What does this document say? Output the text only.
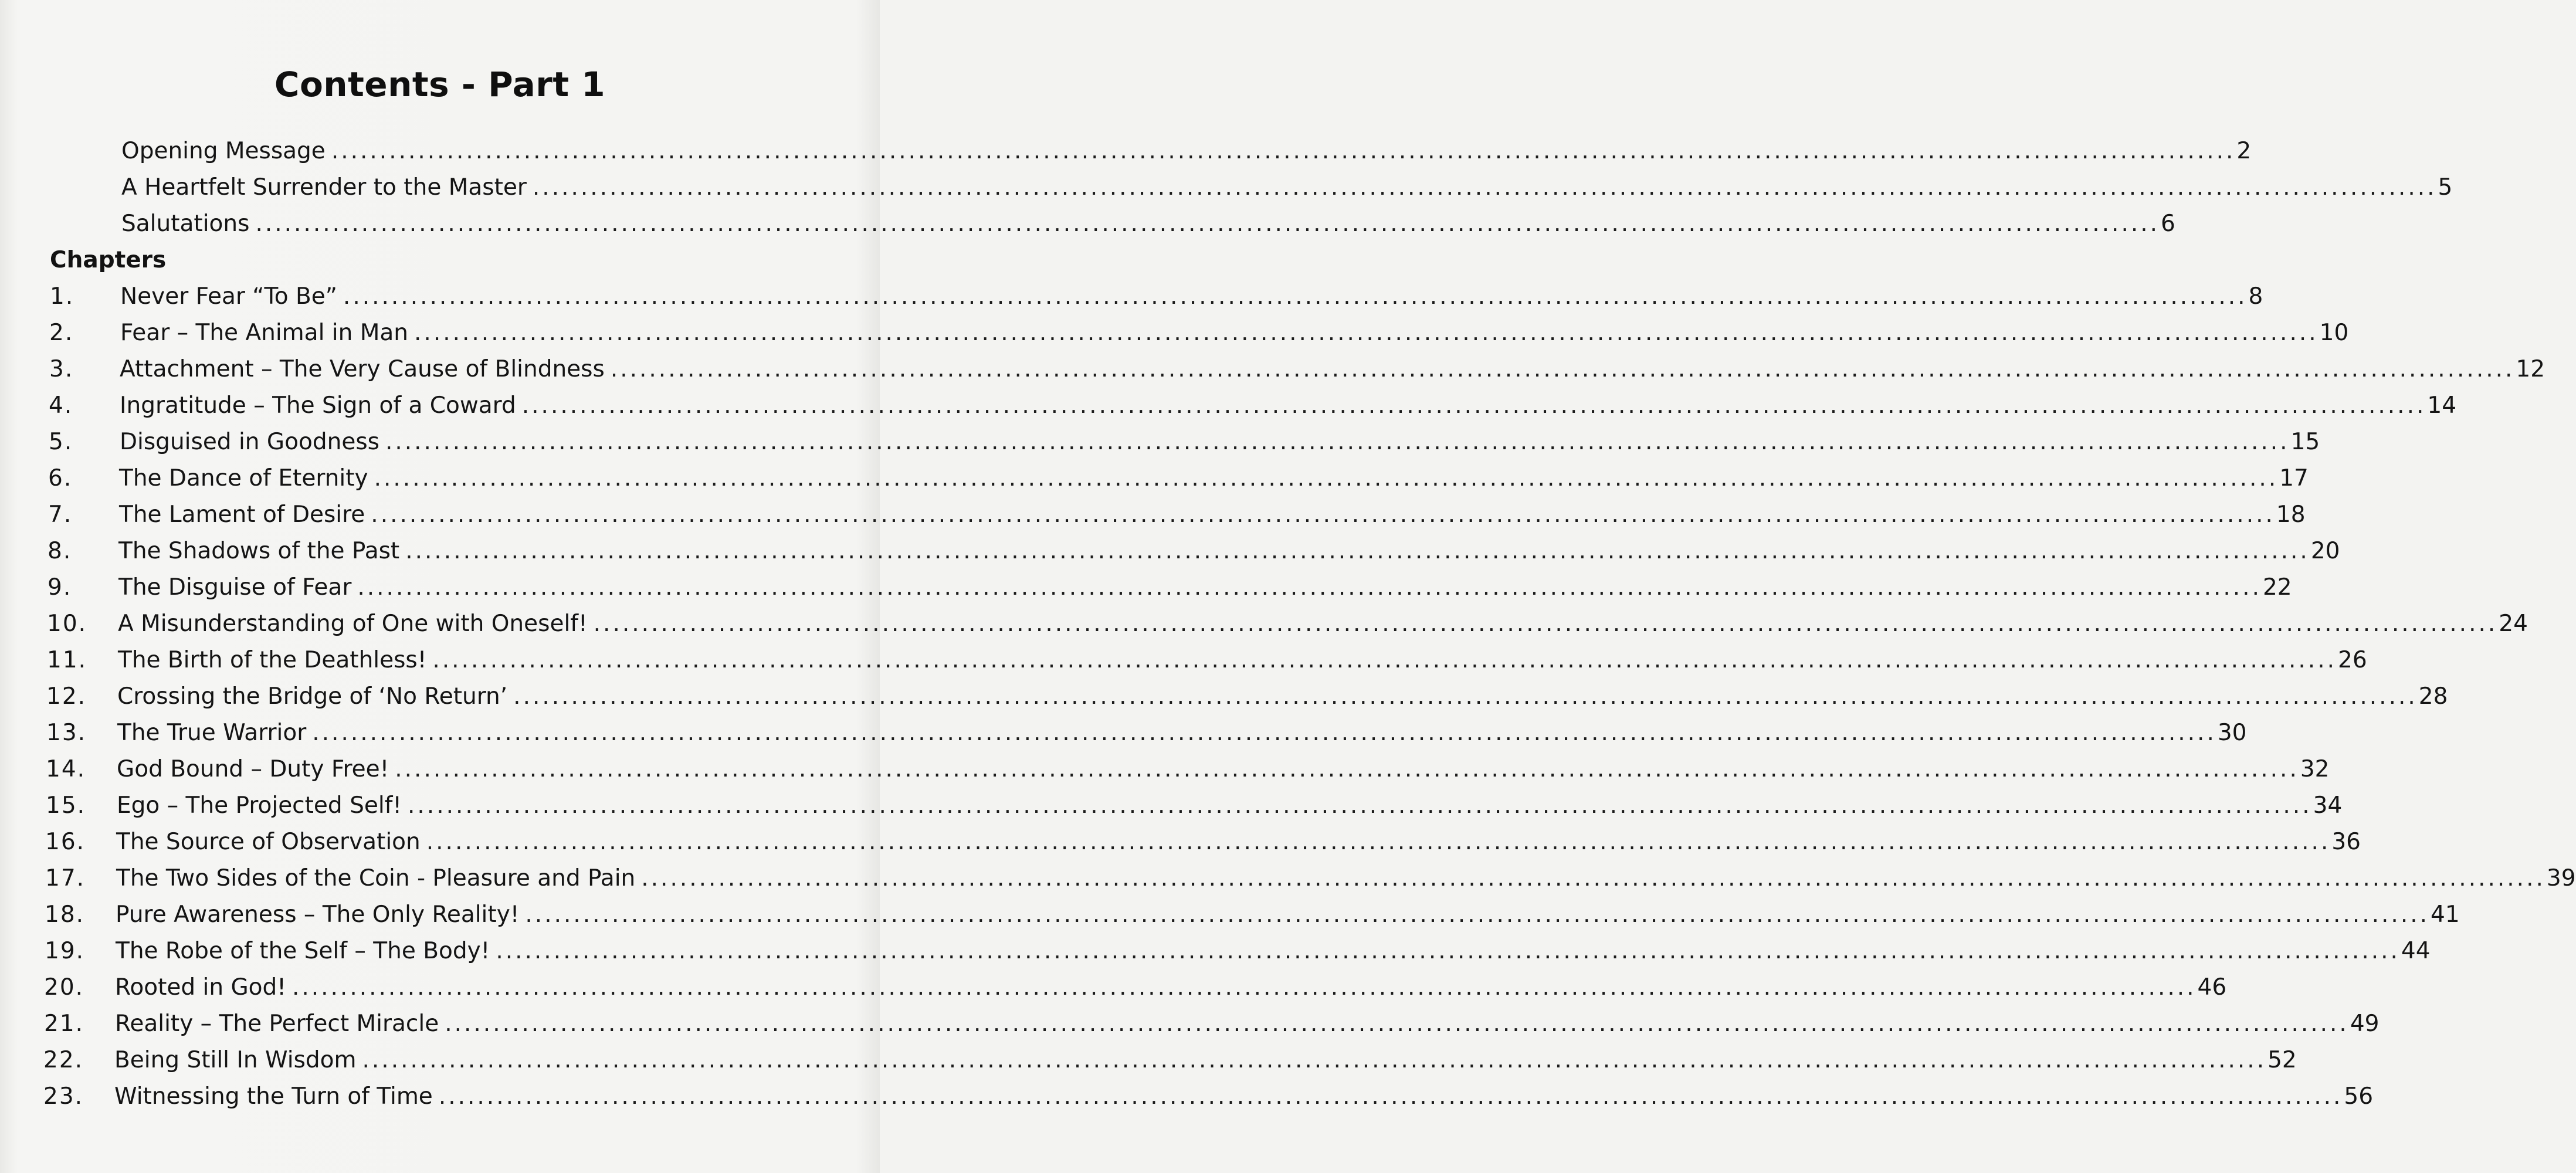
Contents - Part 1
Opening Message ...................................................................................................................................................................................................... 2
A Heartfelt Surrender to the Master ...................................................................................................................................................................................................... 5
Salutations ...................................................................................................................................................................................................... 6
Chapters
1. Never Fear “To Be” ...................................................................................................................................................................................................... 8
2. Fear – The Animal in Man ...................................................................................................................................................................................................... 10
3. Attachment – The Very Cause of Blindness ...................................................................................................................................................................................................... 12
4. Ingratitude – The Sign of a Coward ...................................................................................................................................................................................................... 14
5. Disguised in Goodness ...................................................................................................................................................................................................... 15
6. The Dance of Eternity ...................................................................................................................................................................................................... 17
7. The Lament of Desire ...................................................................................................................................................................................................... 18
8. The Shadows of the Past ...................................................................................................................................................................................................... 20
9. The Disguise of Fear ...................................................................................................................................................................................................... 22
10. A Misunderstanding of One with Oneself! ...................................................................................................................................................................................................... 24
11. The Birth of the Deathless! ...................................................................................................................................................................................................... 26
12. Crossing the Bridge of ‘No Return’ ...................................................................................................................................................................................................... 28
13. The True Warrior ...................................................................................................................................................................................................... 30
14. God Bound – Duty Free! ...................................................................................................................................................................................................... 32
15. Ego – The Projected Self! ...................................................................................................................................................................................................... 34
16. The Source of Observation ...................................................................................................................................................................................................... 36
17. The Two Sides of the Coin - Pleasure and Pain ...................................................................................................................................................................................................... 39
18. Pure Awareness – The Only Reality! ...................................................................................................................................................................................................... 41
19. The Robe of the Self – The Body! ...................................................................................................................................................................................................... 44
20. Rooted in God! ...................................................................................................................................................................................................... 46
21. Reality – The Perfect Miracle ...................................................................................................................................................................................................... 49
22. Being Still In Wisdom ...................................................................................................................................................................................................... 52
23. Witnessing the Turn of Time ...................................................................................................................................................................................................... 56
